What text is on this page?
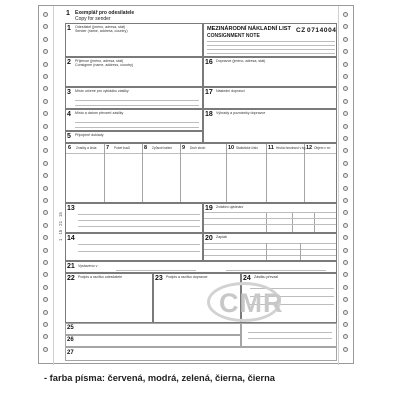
1 Exemplář pro odesilatele
Copy for sender
1 Odesílatel (jméno, adresa, stát)
Sender (name, address, country)	MEZINÁRODNÍ NÁKLADNÍ LIST
CONSIGNMENT NOTE
CZ 0714004
2 Příjemce (jméno, adresa, stát)
Consignee (name, address, country)	16 Dopravce (jméno, adresa, stát)
3 Místo určené pro vykládku zásilky	17 Následní dopravci
4 Místo a datum převzetí zásilky	18 Výhrady a poznámky dopravce
5 Připojené doklady
6 Značky a čísla 7 Počet kusů	8 Způsob balení 9 Druh zboží	10 Statistické číslo 11 Hrubá hmotnost v kg 12 Objem v m³
13	19 Zvláštní ujednání
14	20 Zaplatí
21 Vystaveno v
22 Podpis a razítko odesílatele	23 Podpis a razítko dopravce	24 Zásilku převzal
25
26
27
CMR
1 · 15 · 21 · 15
- farba písma: červená, modrá, zelená, čierna, čierna
